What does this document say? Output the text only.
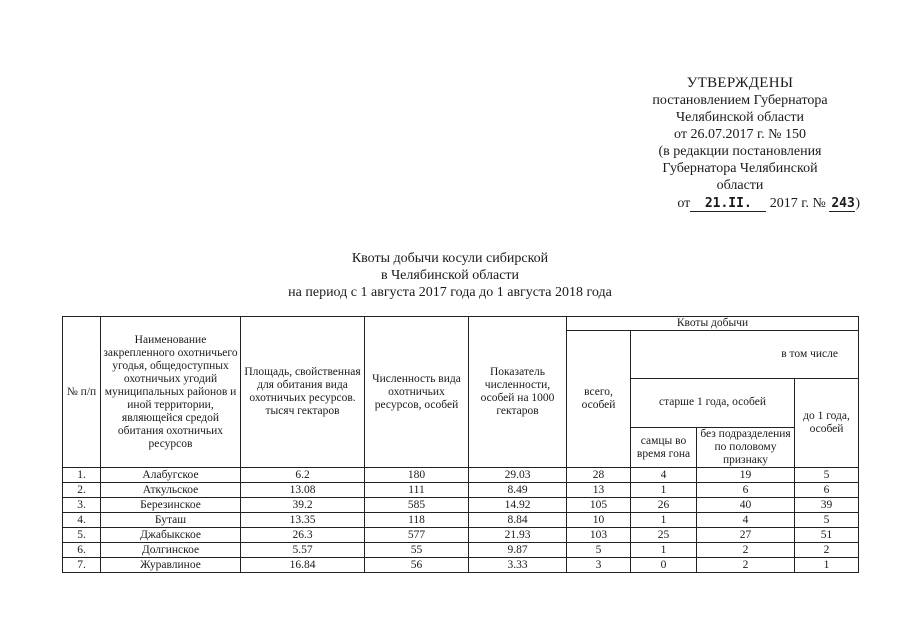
УТВЕРЖДЕНЫ
постановлением Губернатора
Челябинской области
от 26.07.2017 г. № 150
(в редакции постановления
Губернатора Челябинской
области
от 21.II. 2017 г. № 243)
Квоты добычи косули сибирской
в Челябинской области
на период с 1 августа 2017 года до 1 августа 2018 года
№ п/п	Наименование закрепленного охотничьего угодья, общедоступных охотничьих угодий муниципальных районов и иной территории, являющейся средой обитания охотничьих ресурсов	Площадь, свойственная для обитания вида охотничьих ресурсов. тысяч гектаров	Численность вида охотничьих ресурсов, особей	Показатель численности, особей на 1000 гектаров	Квоты добычи			
					всего, особей	в том числе		
						старше 1 года, особей		до 1 года, особей
						самцы во время гона	без подразделения по половому признаку	
1.	Алабугское	6.2	180	29.03	28	4	19	5
2.	Аткульское	13.08	111	8.49	13	1	6	6
3.	Березинское	39.2	585	14.92	105	26	40	39
4.	Буташ	13.35	118	8.84	10	1	4	5
5.	Джабыкское	26.3	577	21.93	103	25	27	51
6.	Долгинское	5.57	55	9.87	5	1	2	2
7.	Журавлиное	16.84	56	3.33	3	0	2	1
